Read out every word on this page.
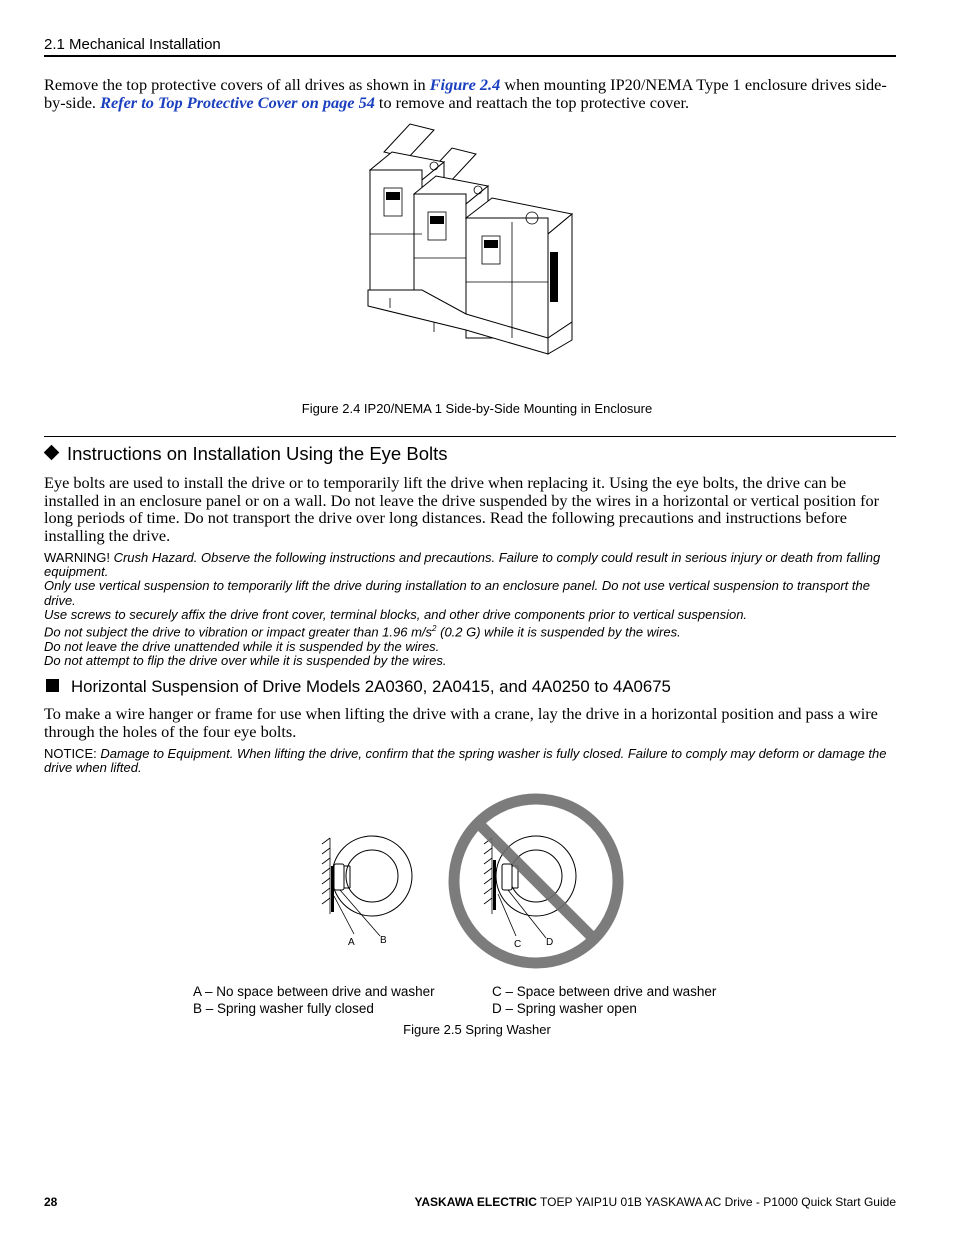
2.1 Mechanical Installation
Remove the top protective covers of all drives as shown in Figure 2.4 when mounting IP20/NEMA Type 1 enclosure drives side-by-side. Refer to Top Protective Cover on page 54 to remove and reattach the top protective cover.
Figure 2.4 IP20/NEMA 1 Side-by-Side Mounting in Enclosure
Instructions on Installation Using the Eye Bolts
Eye bolts are used to install the drive or to temporarily lift the drive when replacing it. Using the eye bolts, the drive can be installed in an enclosure panel or on a wall. Do not leave the drive suspended by the wires in a horizontal or vertical position for long periods of time. Do not transport the drive over long distances. Read the following precautions and instructions before installing the drive.
WARNING! Crush Hazard. Observe the following instructions and precautions. Failure to comply could result in serious injury or death from falling equipment.
Only use vertical suspension to temporarily lift the drive during installation to an enclosure panel. Do not use vertical suspension to transport the drive.
Use screws to securely affix the drive front cover, terminal blocks, and other drive components prior to vertical suspension.
Do not subject the drive to vibration or impact greater than 1.96 $m/s^2$ (0.2 G) while it is suspended by the wires.
Do not leave the drive unattended while it is suspended by the wires.
Do not attempt to flip the drive over while it is suspended by the wires.
Horizontal Suspension of Drive Models 2A0360, 2A0415, and 4A0250 to 4A0675
To make a wire hanger or frame for use when lifting the drive with a crane, lay the drive in a horizontal position and pass a wire through the holes of the four eye bolts.
NOTICE: Damage to Equipment. When lifting the drive, confirm that the spring washer is fully closed. Failure to comply may deform or damage the drive when lifted.
A	B	C D
A – No space between drive and washer
B – Spring washer fully closed
C – Space between drive and washer
D – Spring washer open
Figure 2.5 Spring Washer
28	YASKAWA ELECTRIC TOEP YAIP1U 01B YASKAWA AC Drive - P1000 Quick Start Guide
